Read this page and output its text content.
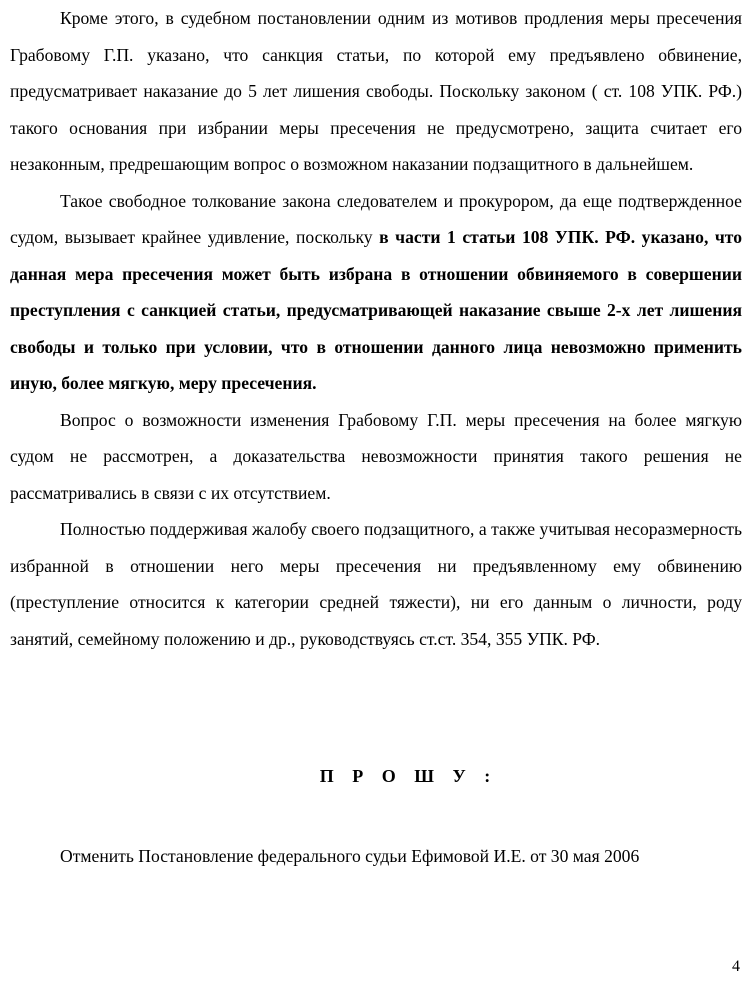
Кроме этого, в судебном постановлении одним из мотивов продления меры пресечения Грабовому Г.П. указано, что санкция статьи, по которой ему предъявлено обвинение, предусматривает наказание до 5 лет лишения свободы. Поскольку законом ( ст. 108 УПК. РФ.) такого основания при избрании меры пресечения не предусмотрено, защита считает его незаконным, предрешающим вопрос о возможном наказании подзащитного в дальнейшем.

Такое свободное толкование закона следователем и прокурором, да еще подтвержденное судом, вызывает крайнее удивление, поскольку в части 1 статьи 108 УПК. РФ. указано, что данная мера пресечения может быть избрана в отношении обвиняемого в совершении преступления с санкцией статьи, предусматривающей наказание свыше 2-х лет лишения свободы и только при условии, что в отношении данного лица невозможно применить иную, более мягкую, меру пресечения.

Вопрос о возможности изменения Грабовому Г.П. меры пресечения на более мягкую судом не рассмотрен, а доказательства невозможности принятия такого решения не рассматривались в связи с их отсутствием.

Полностью поддерживая жалобу своего подзащитного, а также учитывая несоразмерность избранной в отношении него меры пресечения ни предъявленному ему обвинению (преступление относится к категории средней тяжести), ни его данным о личности, роду занятий, семейному положению и др., руководствуясь ст.ст. 354, 355 УПК. РФ.

П Р О Ш У :
Отменить Постановление федерального судьи Ефимовой И.Е. от 30 мая 2006
4
